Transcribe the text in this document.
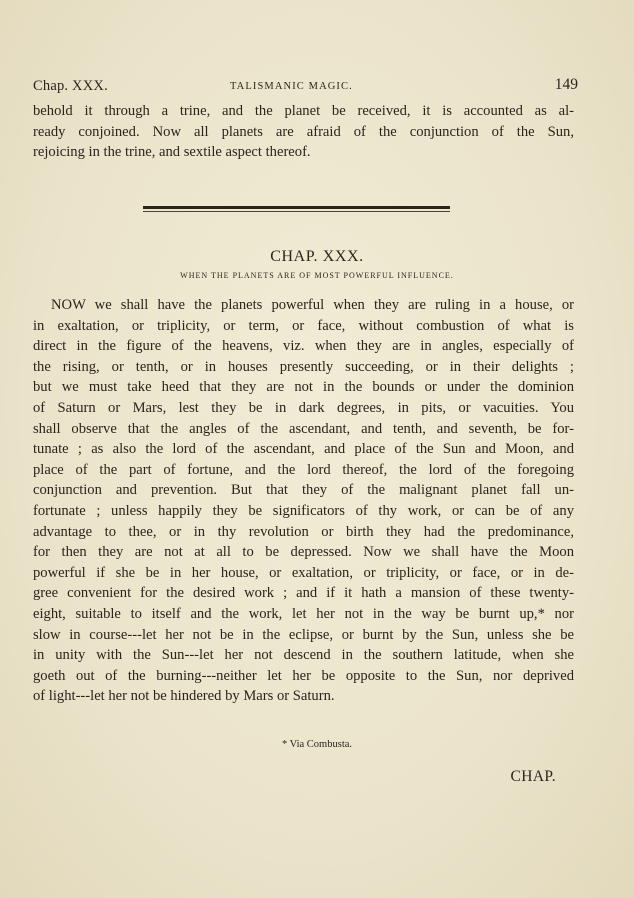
Chap. XXX.	TALISMANIC MAGIC.	149
behold it through a trine, and the planet be received, it is accounted as al-
ready conjoined. Now all planets are afraid of the conjunction of the Sun,
rejoicing in the trine, and sextile aspect thereof.
CHAP. XXX.
WHEN THE PLANETS ARE OF MOST POWERFUL INFLUENCE.
NOW we shall have the planets powerful when they are ruling in a house, or
in exaltation, or triplicity, or term, or face, without combustion of what is
direct in the figure of the heavens, viz. when they are in angles, especially of
the rising, or tenth, or in houses presently succeeding, or in their delights ;
but we must take heed that they are not in the bounds or under the dominion
of Saturn or Mars, lest they be in dark degrees, in pits, or vacuities. You
shall observe that the angles of the ascendant, and tenth, and seventh, be for-
tunate ; as also the lord of the ascendant, and place of the Sun and Moon, and
place of the part of fortune, and the lord thereof, the lord of the foregoing
conjunction and prevention. But that they of the malignant planet fall un-
fortunate ; unless happily they be significators of thy work, or can be of any
advantage to thee, or in thy revolution or birth they had the predominance,
for then they are not at all to be depressed. Now we shall have the Moon
powerful if she be in her house, or exaltation, or triplicity, or face, or in de-
gree convenient for the desired work ; and if it hath a mansion of these twenty-
eight, suitable to itself and the work, let her not in the way be burnt up,* nor
slow in course---let her not be in the eclipse, or burnt by the Sun, unless she be
in unity with the Sun---let her not descend in the southern latitude, when she
goeth out of the burning---neither let her be opposite to the Sun, nor deprived
of light---let her not be hindered by Mars or Saturn.
* Via Combusta.
CHAP.
